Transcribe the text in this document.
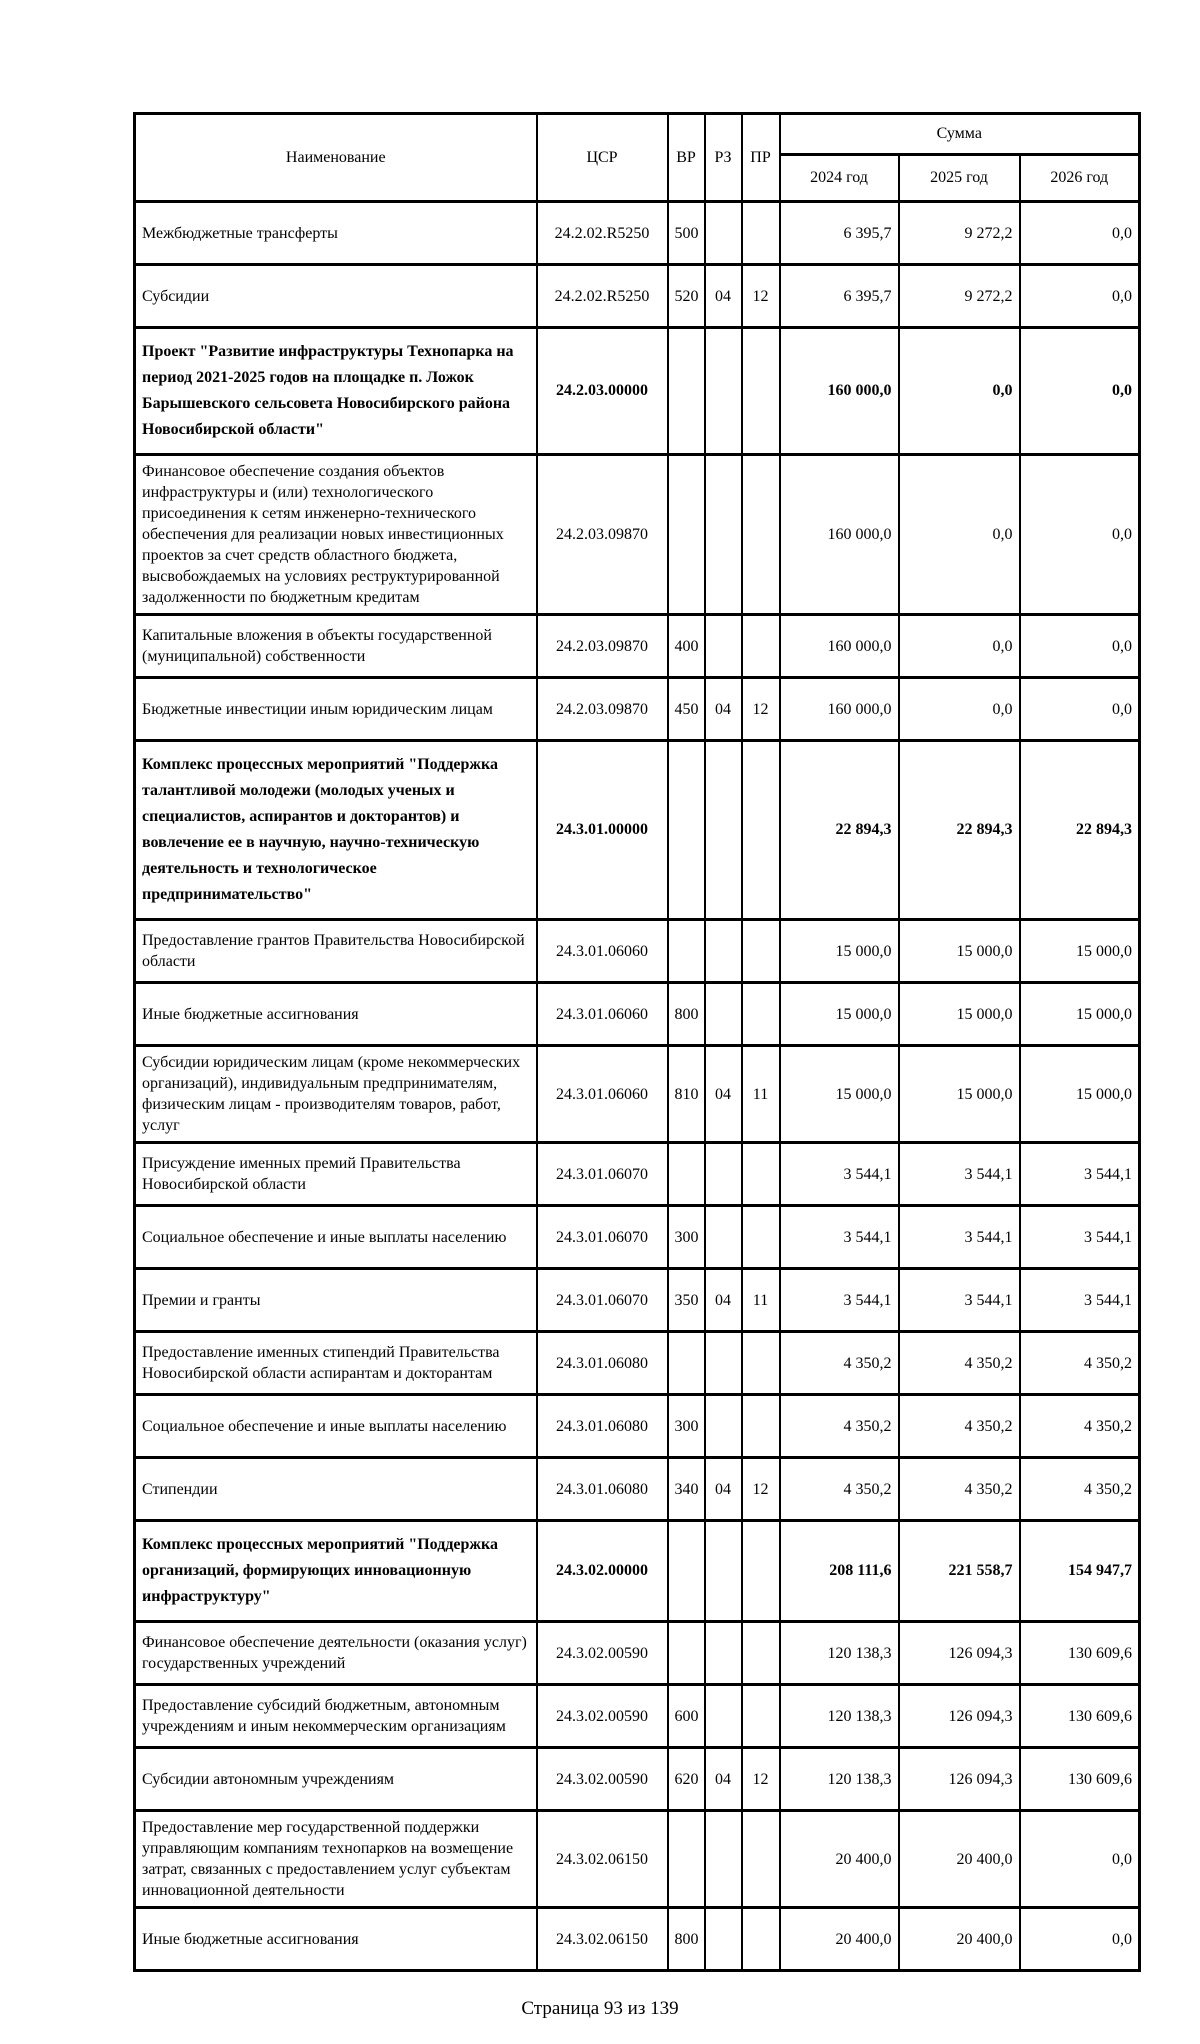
Наименование	ЦСР	ВР	РЗ	ПР	Сумма		
					2024 год	2025 год	2026 год
Межбюджетные трансферты	24.2.02.R5250	500			6 395,7	9 272,2	0,0
Субсидии	24.2.02.R5250	520	04	12	6 395,7	9 272,2	0,0
Проект "Развитие инфраструктуры Технопарка на период 2021-2025 годов на площадке п. Ложок Барышевского сельсовета Новосибирского района Новосибирской области"	24.2.03.00000				160 000,0	0,0	0,0
Финансовое обеспечение создания объектов инфраструктуры и (или) технологического присоединения к сетям инженерно-технического обеспечения для реализации новых инвестиционных проектов за счет средств областного бюджета, высвобождаемых на условиях реструктурированной задолженности по бюджетным кредитам	24.2.03.09870				160 000,0	0,0	0,0
Капитальные вложения в объекты государственной (муниципальной) собственности	24.2.03.09870	400			160 000,0	0,0	0,0
Бюджетные инвестиции иным юридическим лицам	24.2.03.09870	450	04	12	160 000,0	0,0	0,0
Комплекс процессных мероприятий "Поддержка талантливой молодежи (молодых ученых и специалистов, аспирантов и докторантов) и вовлечение ее в научную, научно-техническую деятельность и технологическое предпринимательство"	24.3.01.00000				22 894,3	22 894,3	22 894,3
Предоставление грантов Правительства Новосибирской области	24.3.01.06060				15 000,0	15 000,0	15 000,0
Иные бюджетные ассигнования	24.3.01.06060	800			15 000,0	15 000,0	15 000,0
Субсидии юридическим лицам (кроме некоммерческих организаций), индивидуальным предпринимателям, физическим лицам - производителям товаров, работ, услуг	24.3.01.06060	810	04	11	15 000,0	15 000,0	15 000,0
Присуждение именных премий Правительства Новосибирской области	24.3.01.06070				3 544,1	3 544,1	3 544,1
Социальное обеспечение и иные выплаты населению	24.3.01.06070	300			3 544,1	3 544,1	3 544,1
Премии и гранты	24.3.01.06070	350	04	11	3 544,1	3 544,1	3 544,1
Предоставление именных стипендий Правительства Новосибирской области аспирантам и докторантам	24.3.01.06080				4 350,2	4 350,2	4 350,2
Социальное обеспечение и иные выплаты населению	24.3.01.06080	300			4 350,2	4 350,2	4 350,2
Стипендии	24.3.01.06080	340	04	12	4 350,2	4 350,2	4 350,2
Комплекс процессных мероприятий "Поддержка организаций, формирующих инновационную инфраструктуру"	24.3.02.00000				208 111,6	221 558,7	154 947,7
Финансовое обеспечение деятельности (оказания услуг) государственных учреждений	24.3.02.00590				120 138,3	126 094,3	130 609,6
Предоставление субсидий бюджетным, автономным учреждениям и иным некоммерческим организациям	24.3.02.00590	600			120 138,3	126 094,3	130 609,6
Субсидии автономным учреждениям	24.3.02.00590	620	04	12	120 138,3	126 094,3	130 609,6
Предоставление мер государственной поддержки управляющим компаниям технопарков на возмещение затрат, связанных с предоставлением услуг субъектам инновационной деятельности	24.3.02.06150				20 400,0	20 400,0	0,0
Иные бюджетные ассигнования	24.3.02.06150	800			20 400,0	20 400,0	0,0
Страница 93 из 139
